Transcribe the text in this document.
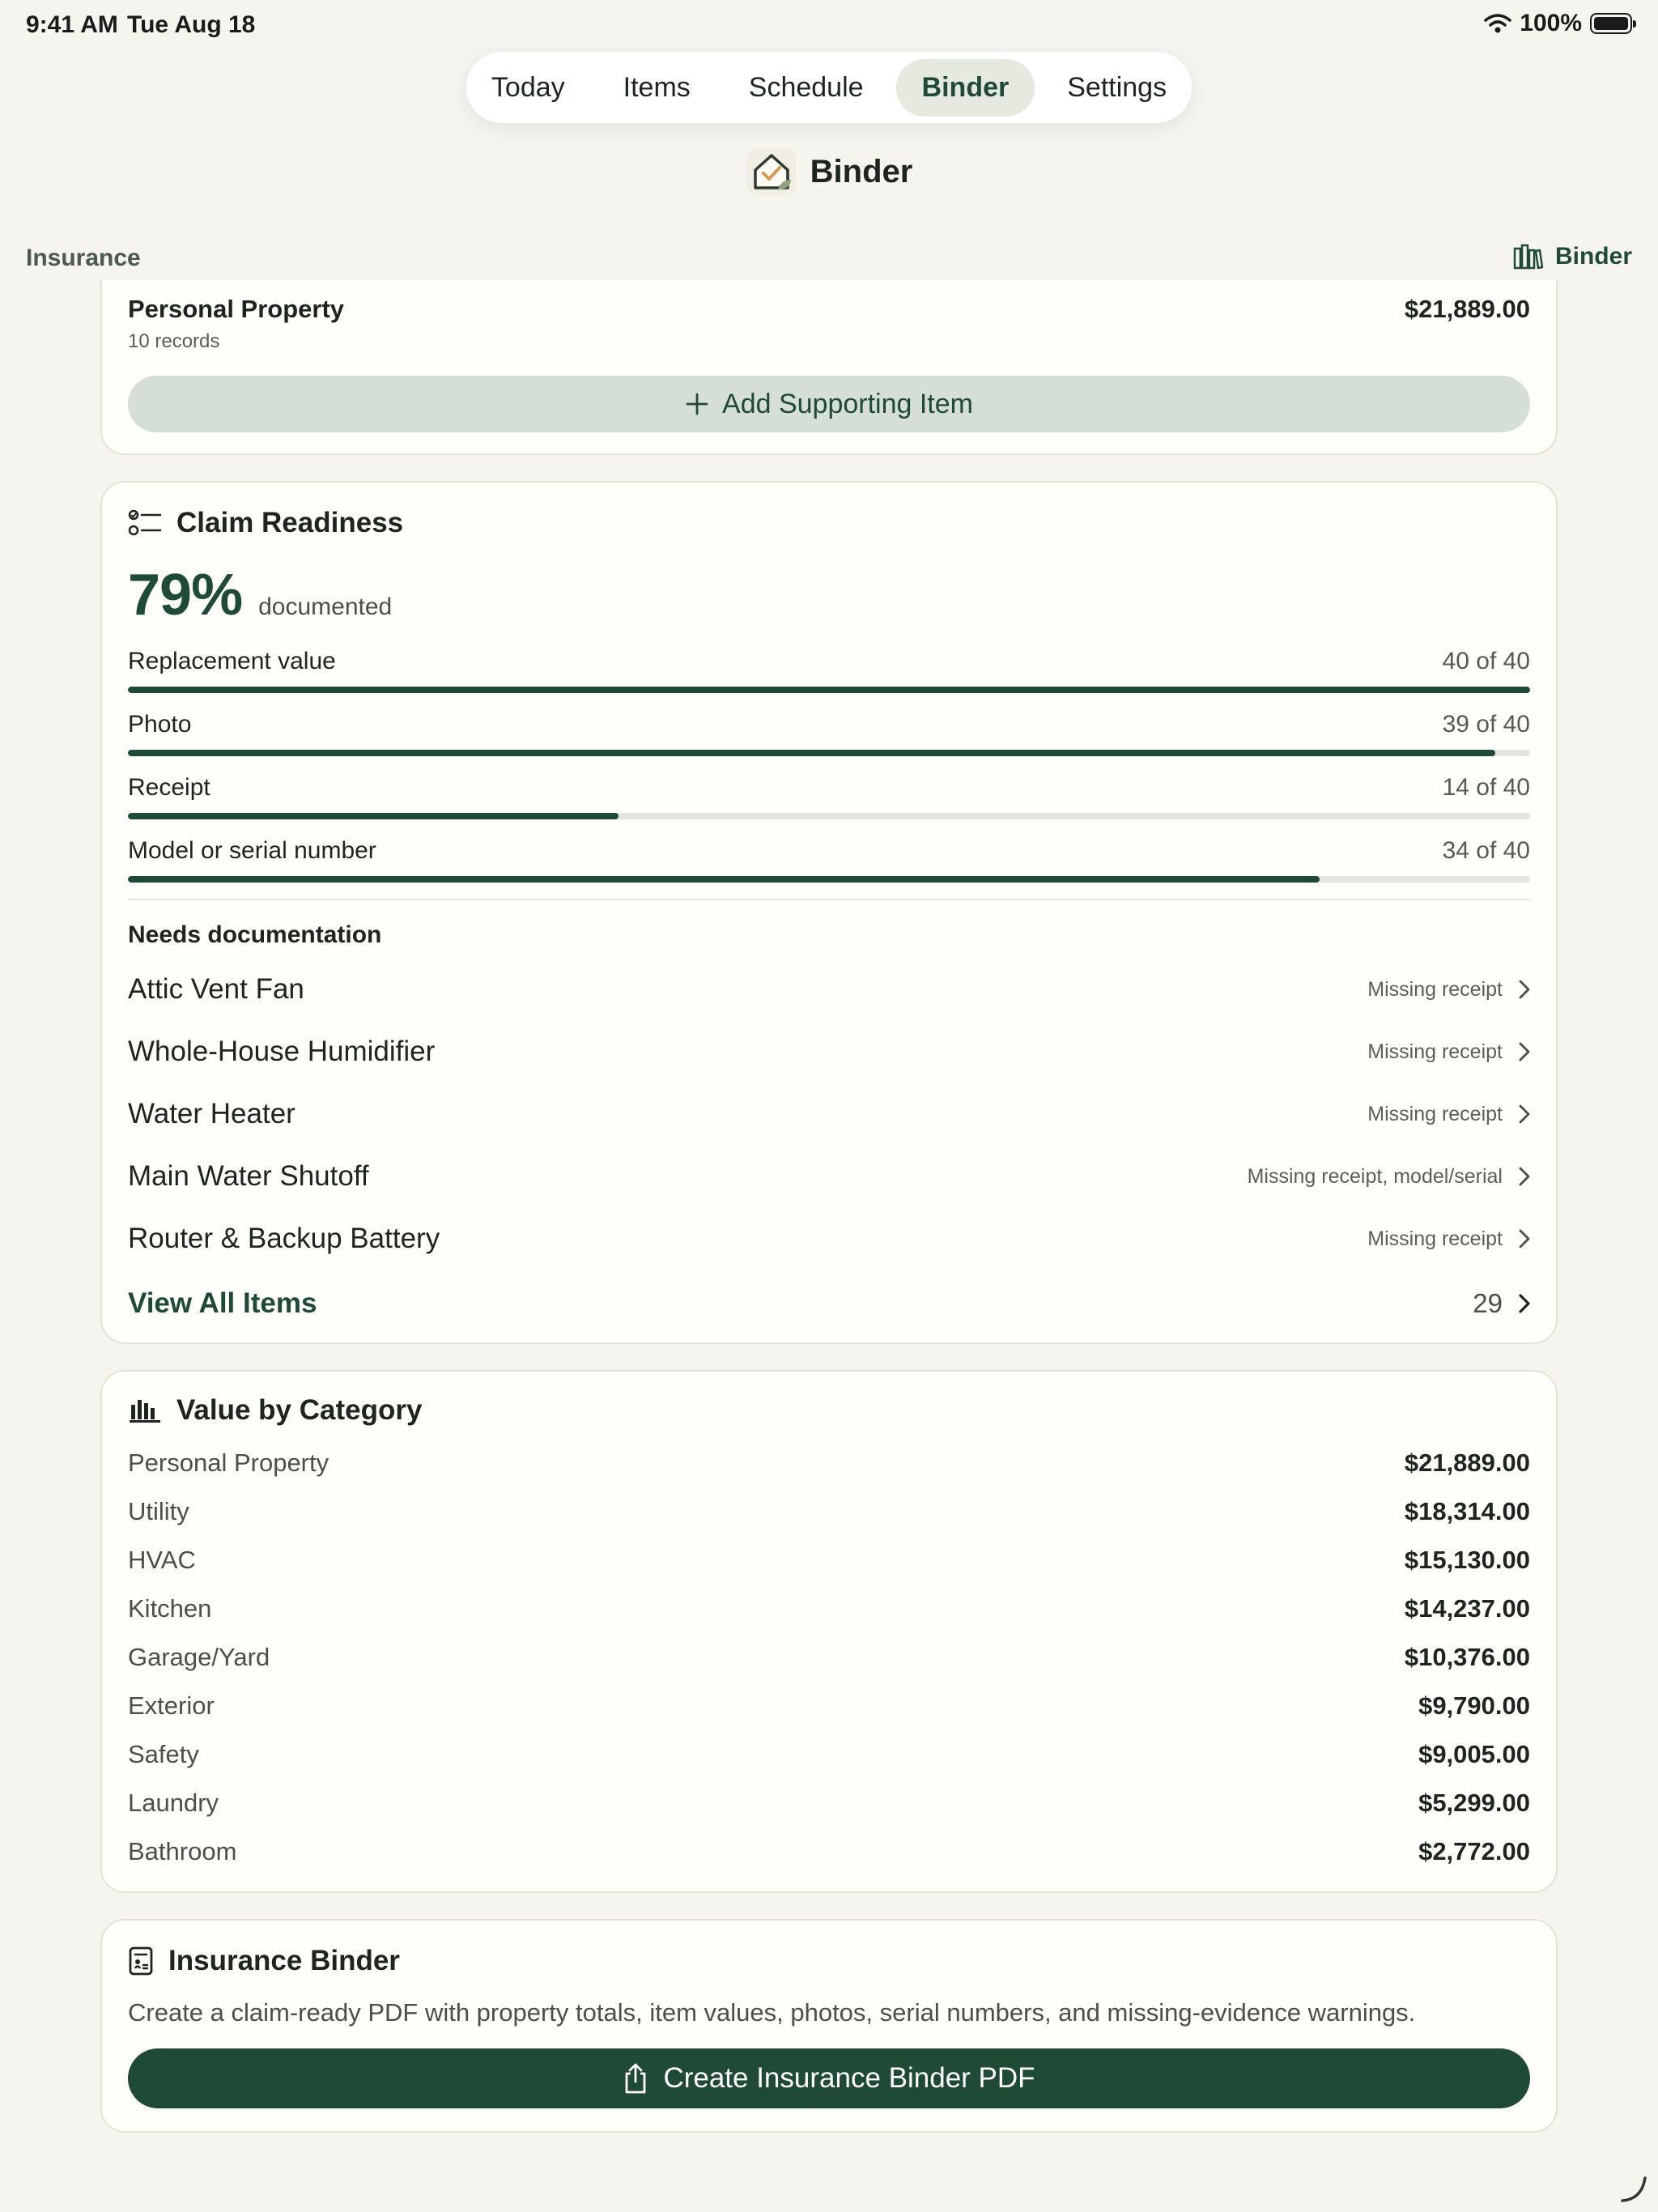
9:41 AM Tue Aug 18	100%
Today	Items	Schedule	Binder	Settings
Binder
Insurance	Binder
Personal Property
10 records
$21,889.00
Add Supporting Item
Claim Readiness
79% documented
Replacement value	40 of 40
Photo	39 of 40
Receipt	14 of 40
Model or serial number	34 of 40
Needs documentation
Attic Vent Fan	Missing receipt
Whole-House Humidifier	Missing receipt
Water Heater	Missing receipt
Main Water Shutoff	Missing receipt, model/serial
Router & Backup Battery	Missing receipt
View All Items	29
Value by Category
Personal Property	$21,889.00
Utility	$18,314.00
HVAC	$15,130.00
Kitchen	$14,237.00
Garage/Yard	$10,376.00
Exterior	$9,790.00
Safety	$9,005.00
Laundry	$5,299.00
Bathroom	$2,772.00
Insurance Binder
Create a claim-ready PDF with property totals, item values, photos, serial numbers, and missing-evidence warnings.
Create Insurance Binder PDF
